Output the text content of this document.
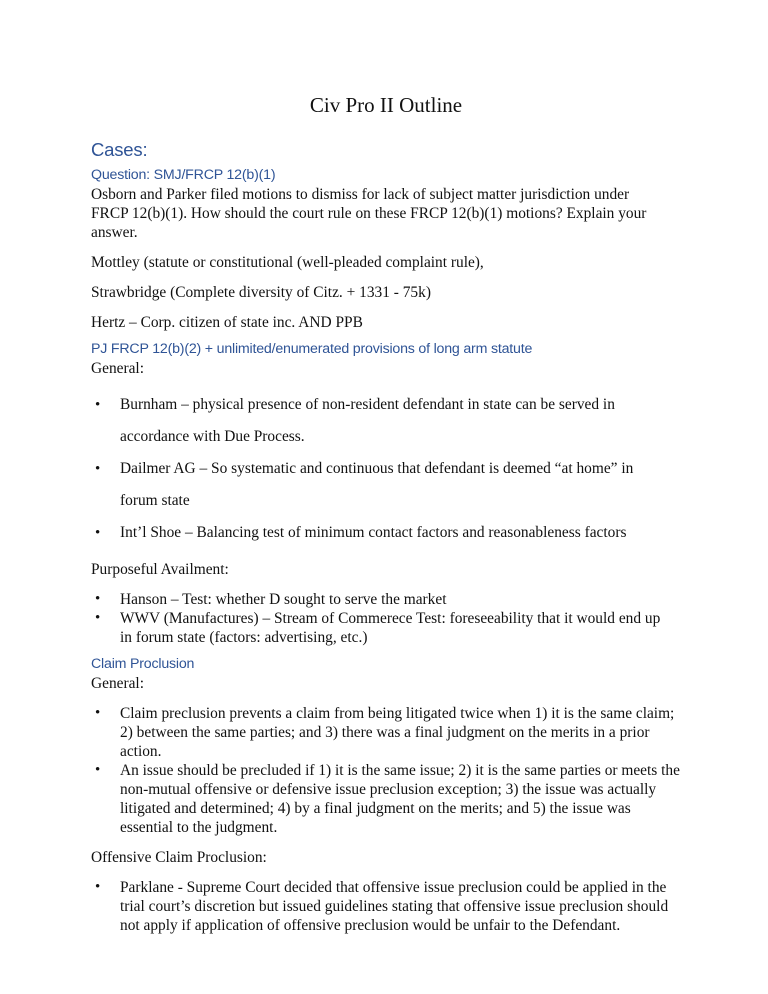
Civ Pro II Outline
Cases:
Question: SMJ/FRCP 12(b)(1)

Osborn and Parker filed motions to dismiss for lack of subject matter jurisdiction under FRCP 12(b)(1). How should the court rule on these FRCP 12(b)(1) motions? Explain your answer.

Mottley (statute or constitutional (well-pleaded complaint rule),

Strawbridge (Complete diversity of Citz. + 1331 - 75k)

Hertz – Corp. citizen of state inc. AND PPB

PJ FRCP 12(b)(2) + unlimited/enumerated provisions of long arm statute

General:

• Burnham – physical presence of non-resident defendant in state can be served in accordance with Due Process.
• Dailmer AG – So systematic and continuous that defendant is deemed “at home” in forum state
• Int’l Shoe – Balancing test of minimum contact factors and reasonableness factors

Purposeful Availment:

• Hanson – Test: whether D sought to serve the market
• WWV (Manufactures) – Stream of Commerece Test: foreseeability that it would end up in forum state (factors: advertising, etc.)
Claim Proclusion

General:

• Claim preclusion prevents a claim from being litigated twice when 1) it is the same claim; 2) between the same parties; and 3) there was a final judgment on the merits in a prior action.
• An issue should be precluded if 1) it is the same issue; 2) it is the same parties or meets the non-mutual offensive or defensive issue preclusion exception; 3) the issue was actually litigated and determined; 4) by a final judgment on the merits; and 5) the issue was essential to the judgment.

Offensive Claim Proclusion:

• Parklane - Supreme Court decided that offensive issue preclusion could be applied in the trial court’s discretion but issued guidelines stating that offensive issue preclusion should not apply if application of offensive preclusion would be unfair to the Defendant.
